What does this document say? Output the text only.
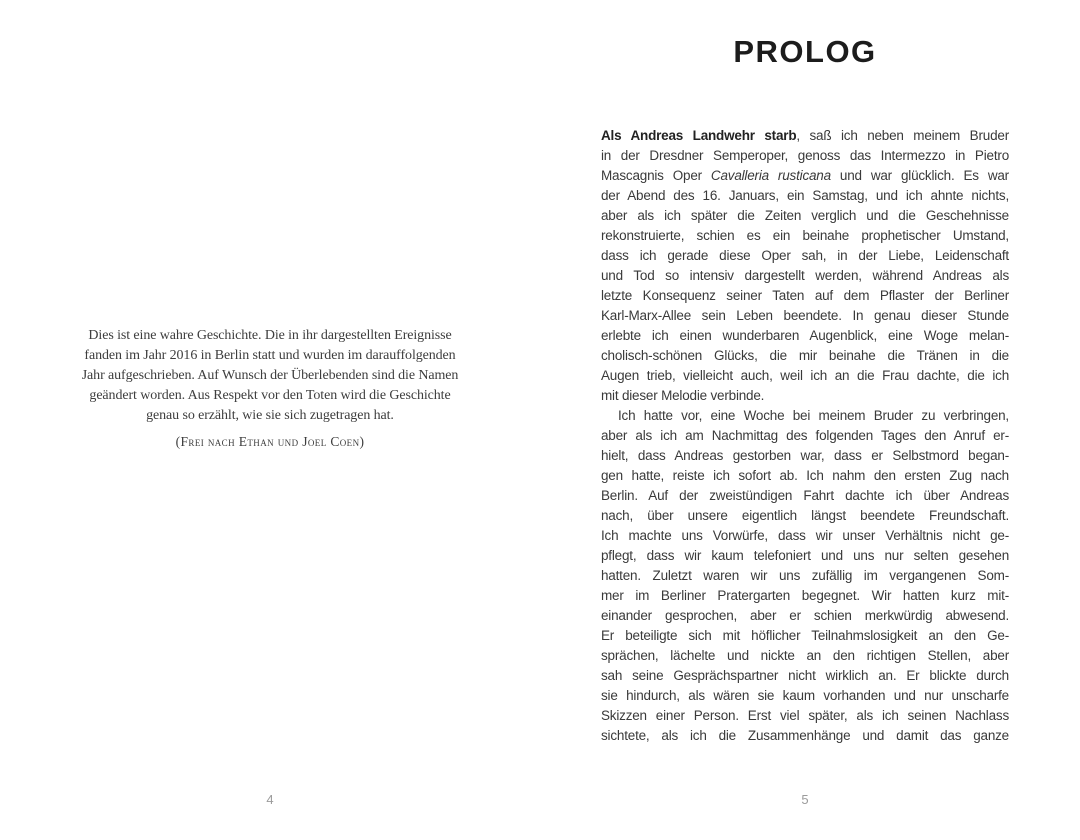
Dies ist eine wahre Geschichte. Die in ihr dargestellten Ereignisse
fanden im Jahr 2016 in Berlin statt und wurden im darauffolgenden
Jahr aufgeschrieben. Auf Wunsch der Überlebenden sind die Namen
geändert worden. Aus Respekt vor den Toten wird die Geschichte
genau so erzählt, wie sie sich zugetragen hat.
(Frei nach Ethan und Joel Coen)
4
PROLOG
Als Andreas Landwehr starb, saß ich neben meinem Bruder
in der Dresdner Semperoper, genoss das Intermezzo in Pietro
Mascagnis Oper Cavalleria rusticana und war glücklich. Es war
der Abend des 16. Januars, ein Samstag, und ich ahnte nichts,
aber als ich später die Zeiten verglich und die Geschehnisse
rekonstruierte, schien es ein beinahe prophetischer Umstand,
dass ich gerade diese Oper sah, in der Liebe, Leidenschaft
und Tod so intensiv dargestellt werden, während Andreas als
letzte Konsequenz seiner Taten auf dem Pflaster der Berliner
Karl-Marx-Allee sein Leben beendete. In genau dieser Stunde
erlebte ich einen wunderbaren Augenblick, eine Woge melan-
cholisch-schönen Glücks, die mir beinahe die Tränen in die
Augen trieb, vielleicht auch, weil ich an die Frau dachte, die ich
mit dieser Melodie verbinde.
Ich hatte vor, eine Woche bei meinem Bruder zu verbringen,
aber als ich am Nachmittag des folgenden Tages den Anruf er-
hielt, dass Andreas gestorben war, dass er Selbstmord began-
gen hatte, reiste ich sofort ab. Ich nahm den ersten Zug nach
Berlin. Auf der zweistündigen Fahrt dachte ich über Andreas
nach, über unsere eigentlich längst beendete Freundschaft.
Ich machte uns Vorwürfe, dass wir unser Verhältnis nicht ge-
pflegt, dass wir kaum telefoniert und uns nur selten gesehen
hatten. Zuletzt waren wir uns zufällig im vergangenen Som-
mer im Berliner Pratergarten begegnet. Wir hatten kurz mit-
einander gesprochen, aber er schien merkwürdig abwesend.
Er beteiligte sich mit höflicher Teilnahmslosigkeit an den Ge-
sprächen, lächelte und nickte an den richtigen Stellen, aber
sah seine Gesprächspartner nicht wirklich an. Er blickte durch
sie hindurch, als wären sie kaum vorhanden und nur unscharfe
Skizzen einer Person. Erst viel später, als ich seinen Nachlass
sichtete, als ich die Zusammenhänge und damit das ganze
5
